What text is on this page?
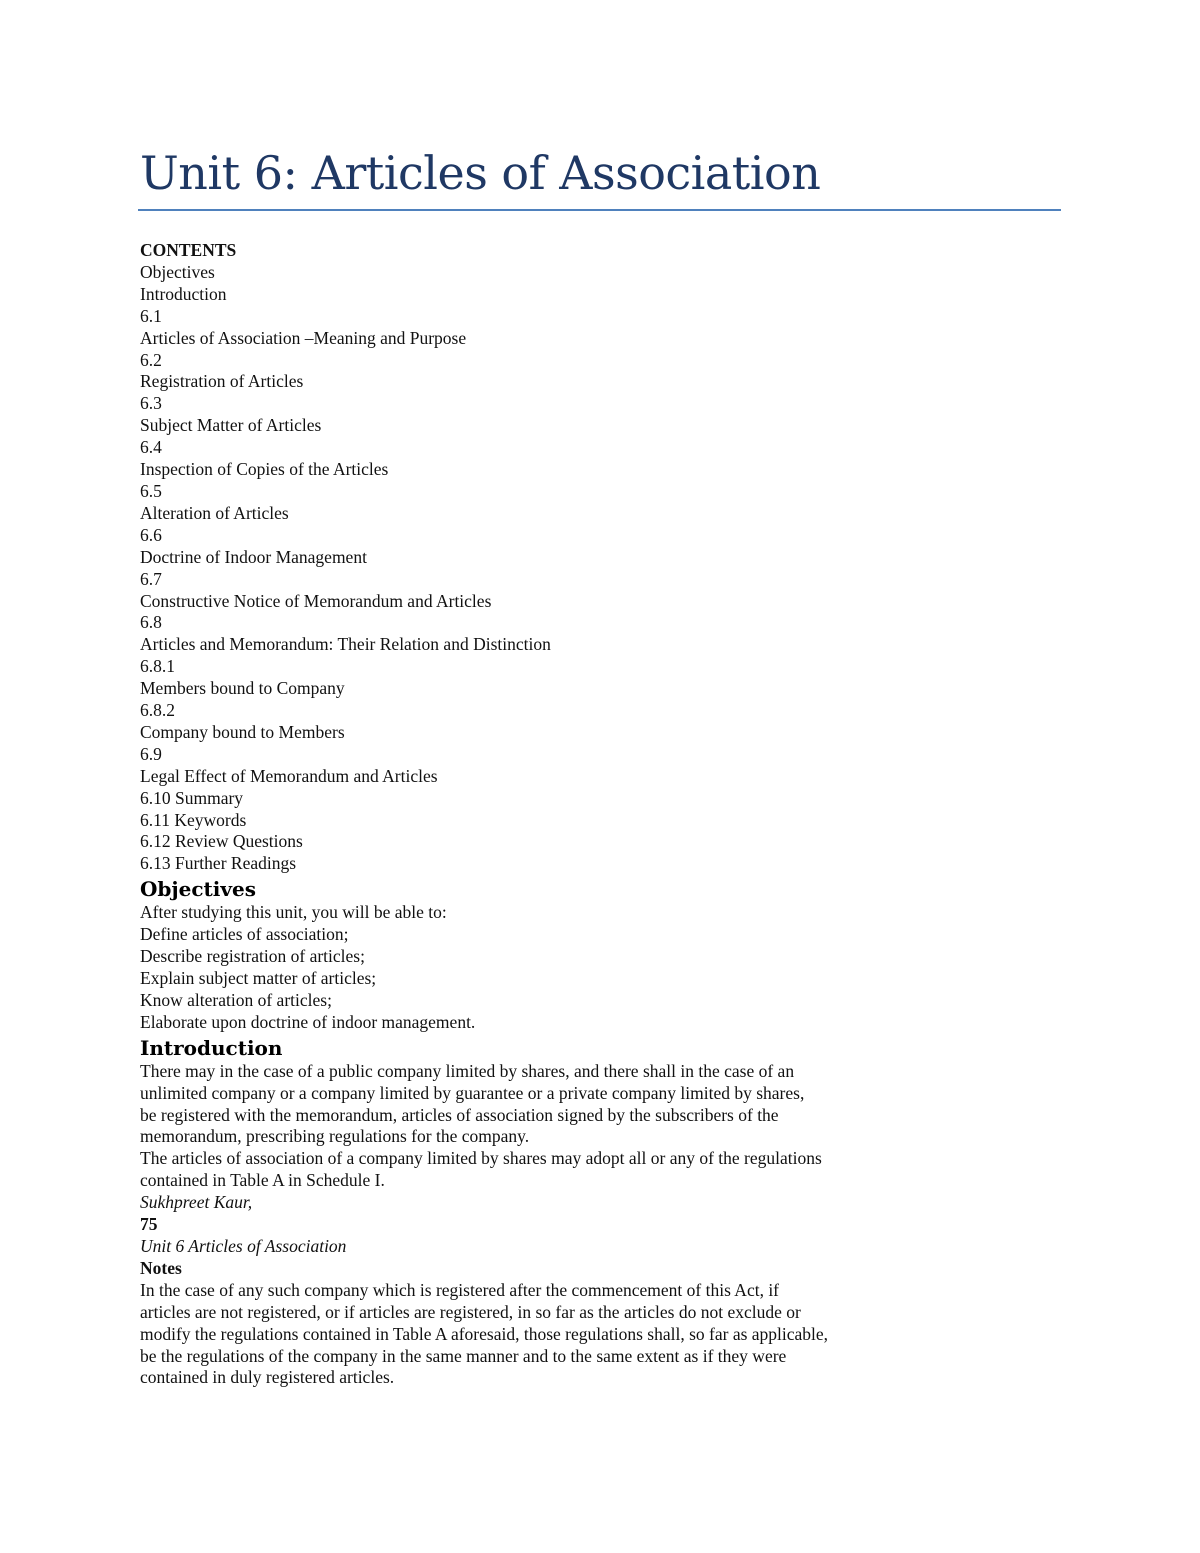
Unit 6: Articles of Association
CONTENTS
Objectives
Introduction
6.1
Articles of Association –Meaning and Purpose
6.2
Registration of Articles
6.3
Subject Matter of Articles
6.4
Inspection of Copies of the Articles
6.5
Alteration of Articles
6.6
Doctrine of Indoor Management
6.7
Constructive Notice of Memorandum and Articles
6.8
Articles and Memorandum: Their Relation and Distinction
6.8.1
Members bound to Company
6.8.2
Company bound to Members
6.9
Legal Effect of Memorandum and Articles
6.10 Summary
6.11 Keywords
6.12 Review Questions
6.13 Further Readings
Objectives
After studying this unit, you will be able to:
Define articles of association;
Describe registration of articles;
Explain subject matter of articles;
Know alteration of articles;
Elaborate upon doctrine of indoor management.
Introduction
There may in the case of a public company limited by shares, and there shall in the case of an
unlimited company or a company limited by guarantee or a private company limited by shares,
be registered with the memorandum, articles of association signed by the subscribers of the
memorandum, prescribing regulations for the company.
The articles of association of a company limited by shares may adopt all or any of the regulations
contained in Table A in Schedule I.
Sukhpreet Kaur,
75
Unit 6 Articles of Association
Notes
In the case of any such company which is registered after the commencement of this Act, if
articles are not registered, or if articles are registered, in so far as the articles do not exclude or
modify the regulations contained in Table A aforesaid, those regulations shall, so far as applicable,
be the regulations of the company in the same manner and to the same extent as if they were
contained in duly registered articles.
